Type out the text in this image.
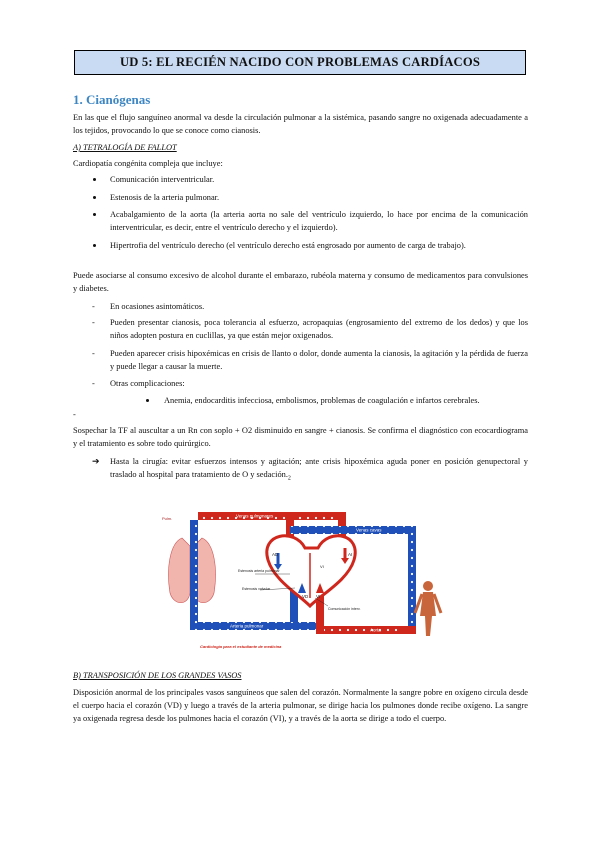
UD 5: EL RECIÉN NACIDO CON PROBLEMAS CARDÍACOS
1. Cianógenas
En las que el flujo sanguíneo anormal va desde la circulación pulmonar a la sistémica, pasando sangre no oxigenada adecuadamente a los tejidos, provocando lo que se conoce como cianosis.
A) TETRALOGÍA DE FALLOT
Cardiopatía congénita compleja que incluye:
Comunicación interventricular.
Estenosis de la arteria pulmonar.
Acabalgamiento de la aorta (la arteria aorta no sale del ventrículo izquierdo, lo hace por encima de la comunicación interventricular, es decir, entre el ventrículo derecho y el izquierdo).
Hipertrofia del ventrículo derecho (el ventrículo derecho está engrosado por aumento de carga de trabajo).
Puede asociarse al consumo excesivo de alcohol durante el embarazo, rubéola materna y consumo de medicamentos para convulsiones y diabetes.
- En ocasiones asintomáticos.
- Pueden presentar cianosis, poca tolerancia al esfuerzo, acropaquias (engrosamiento del extremo de los dedos) y que los niños adopten postura en cuclillas, ya que están mejor oxigenados.
- Pueden aparecer crisis hipoxémicas en crisis de llanto o dolor, donde aumenta la cianosis, la agitación y la pérdida de fuerza y puede llegar a causar la muerte.
- Otras complicaciones:
Anemia, endocarditis infecciosa, embolismos, problemas de coagulación e infartos cerebrales.
-
Sospechar la TF al auscultar a un Rn con soplo + O2 disminuido en sangre + cianosis. Se confirma el diagnóstico con ecocardiograma y el tratamiento es sobre todo quirúrgico.
➔ Hasta la cirugía: evitar esfuerzos intensos y agitación; ante crisis hipoxémica aguda poner en posición genupectoral y traslado al hospital para tratamiento de O y $sedación._2$
Pulm.
AD	AI
VI
VD VI
Venas pulmonares
Venas cavas
Arteria pulmonar
Aorta
Estenosis arteria pulmonar
Estenosis valvular
Comunicación interv.
Cardiología para el estudiante de medicina
B) TRANSPOSICIÓN DE LOS GRANDES VASOS
Disposición anormal de los principales vasos sanguíneos que salen del corazón. Normalmente la sangre pobre en oxígeno circula desde el cuerpo hacia el corazón (VD) y luego a través de la arteria pulmonar, se dirige hacia los pulmones donde recibe oxígeno. La sangre ya oxigenada regresa desde los pulmones hacia el corazón (VI), y a través de la aorta se dirige a todo el cuerpo.
